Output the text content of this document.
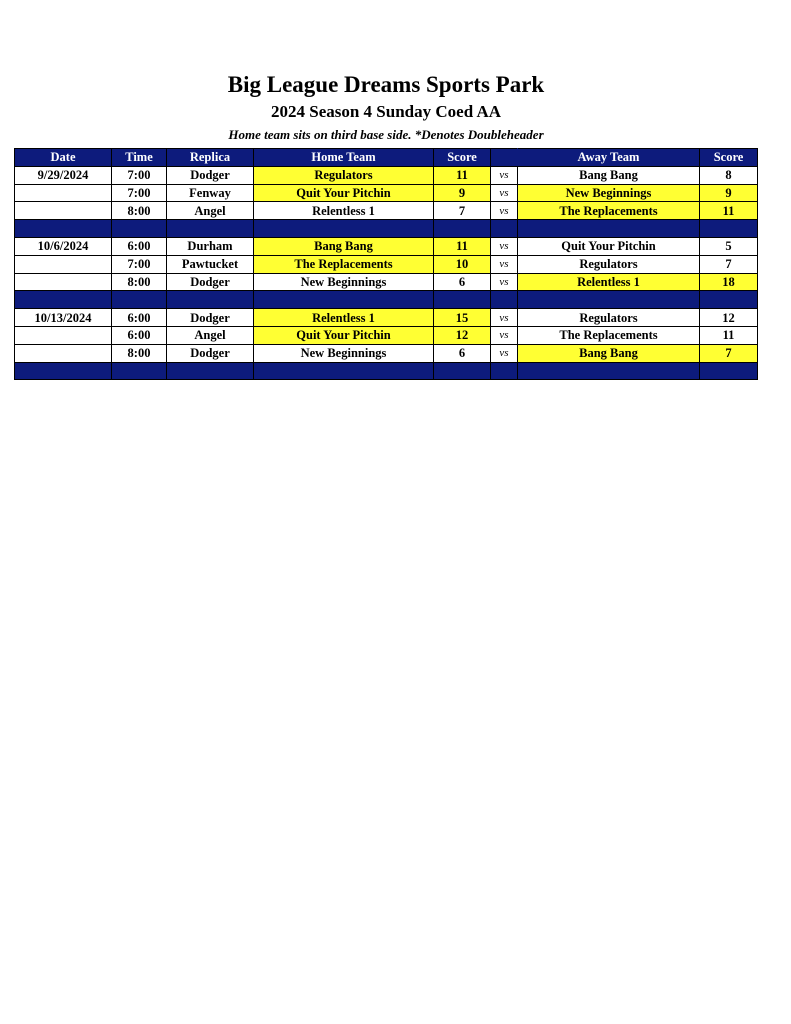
Big League Dreams Sports Park
2024 Season 4 Sunday Coed AA
Home team sits on third base side. *Denotes Doubleheader
Date	Time	Replica	Home Team	Score		Away Team	Score
9/29/2024	7:00	Dodger	Regulators	11	vs	Bang Bang	8
	7:00	Fenway	Quit Your Pitchin	9	vs	New Beginnings	9
	8:00	Angel	Relentless 1	7	vs	The Replacements	11

10/6/2024	6:00	Durham	Bang Bang	11	vs	Quit Your Pitchin	5
	7:00	Pawtucket	The Replacements	10	vs	Regulators	7
	8:00	Dodger	New Beginnings	6	vs	Relentless 1	18

10/13/2024	6:00	Dodger	Relentless 1	15	vs	Regulators	12
	6:00	Angel	Quit Your Pitchin	12	vs	The Replacements	11
	8:00	Dodger	New Beginnings	6	vs	Bang Bang	7
